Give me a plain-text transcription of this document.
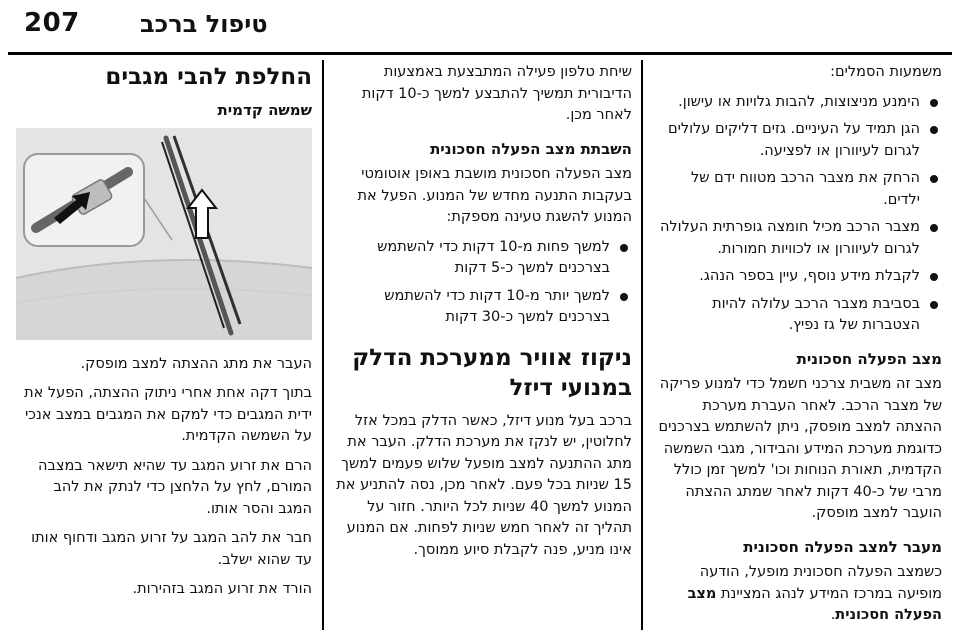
207	טיפול ברכב

משמעות הסמלים:

הימנע מניצוצות, להבות גלויות או עישון.
הגן תמיד על העיניים. גזים דליקים עלולים לגרום לעיוורון או לפציעה.
הרחק את מצבר הרכב מטווח ידם של ילדים.
מצבר הרכב מכיל חומצה גופרתית העלולה לגרום לעיוורון או לכוויות חמורות.
לקבלת מידע נוסף, עיין בספר הנהג.
בסביבת מצבר הרכב עלולה להיות הצטברות של גז נפיץ.
מצב הפעלה חסכונית

מצב זה משבית צרכני חשמל כדי למנוע פריקה של מצבר הרכב. לאחר העברת מערכת ההצתה למצב מופסק, ניתן להשתמש בצרכנים כדוגמת מערכת המידע והבידור, מגבי השמשה הקדמית, תאורת הנוחות וכו' למשך זמן כולל מרבי של כ-40 דקות לאחר שמתג ההצתה הועבר למצב מופסק.

מעבר למצב הפעלה חסכונית

כשמצב הפעלה חסכונית מופעל, הודעה מופיעה במרכז המידע לנהג המציינת מצב הפעלה חסכונית.

שיחת טלפון פעילה המתבצעת באמצעות הדיבורית תמשיך להתבצע למשך כ-10 דקות לאחר מכן.

השבתת מצב הפעלה חסכונית

מצב הפעלה חסכונית מושבת באופן אוטומטי בעקבות התנעה מחדש של המנוע. הפעל את המנוע להשגת טעינה מספקת:

למשך פחות מ-10 דקות כדי להשתמש בצרכנים למשך כ-5 דקות
למשך יותר מ-10 דקות כדי להשתמש בצרכנים למשך כ-30 דקות
ניקוז אוויר ממערכת הדלק במנועי דיזל

ברכב בעל מנוע דיזל, כאשר הדלק במכל אזל לחלוטין, יש לנקז את מערכת הדלק. העבר את מתג ההתנעה למצב מופעל שלוש פעמים למשך 15 שניות בכל פעם. לאחר מכן, נסה להתניע את המנוע למשך 40 שניות לכל היותר. חזור על תהליך זה לאחר חמש שניות לפחות. אם המנוע אינו מניע, פנה לקבלת סיוע ממוסך.

החלפת להבי מגבים
שמשה קדמית

העבר את מתג ההצתה למצב מופסק.

בתוך דקה אחת אחרי ניתוק ההצתה, הפעל את ידית המגבים כדי למקם את המגבים במצב אנכי על השמשה הקדמית.

הרם את זרוע המגב עד שהיא תישאר במצבה המורם, לחץ על הלחצן כדי לנתק את להב המגב והסר אותו.

חבר את להב המגב על זרוע המגב ודחוף אותו עד שהוא ישלב.

הורד את זרוע המגב בזהירות.
